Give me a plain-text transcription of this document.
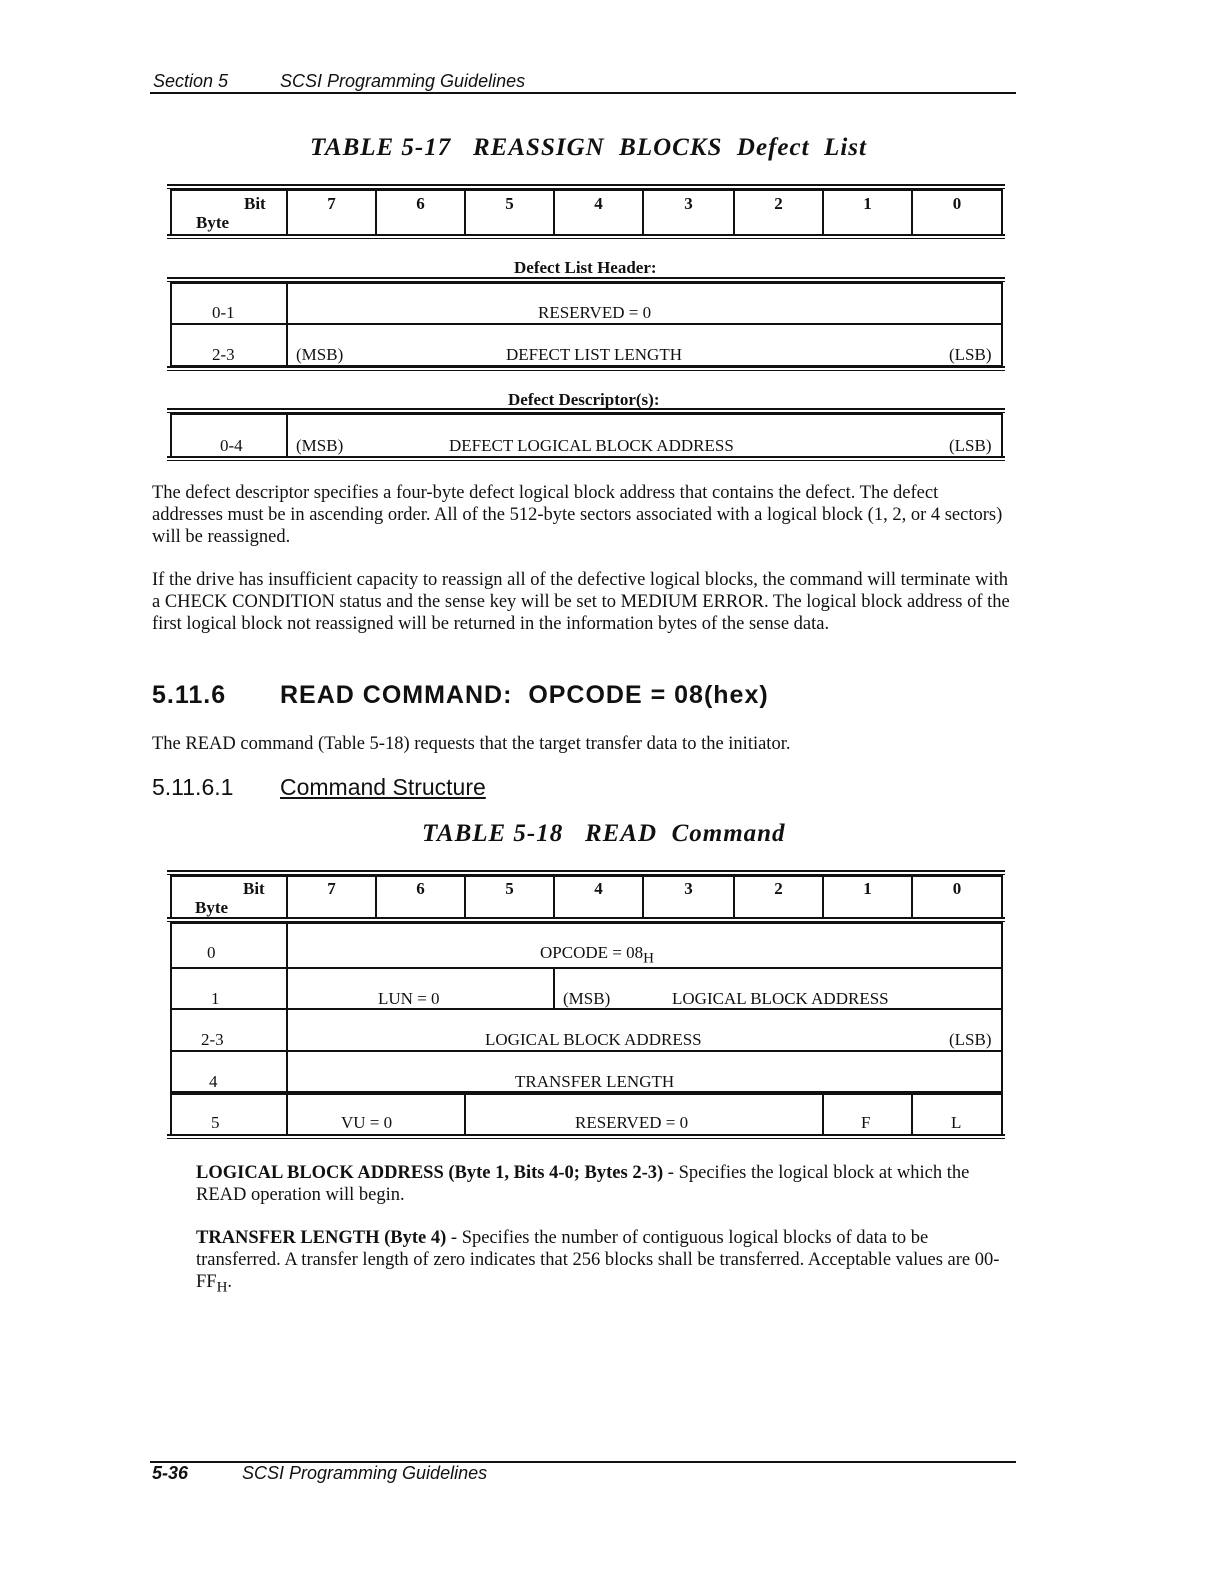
Section 5	SCSI Programming Guidelines
TABLE 5-17   REASSIGN  BLOCKS  Defect  List
Bit
Byte
7	6	5	4	3	2	1	0
Defect List Header:
0-1	RESERVED = 0
2-3	(MSB)	DEFECT LIST LENGTH	(LSB)
Defect Descriptor(s):
0-4	(MSB)	DEFECT LOGICAL BLOCK ADDRESS	(LSB)
The defect descriptor specifies a four-byte defect logical block address that contains the defect. The defect addresses must be in ascending order. All of the 512-byte sectors associated with a logical block (1, 2, or 4 sectors) will be reassigned.
If the drive has insufficient capacity to reassign all of the defective logical blocks, the command will terminate with a CHECK CONDITION status and the sense key will be set to MEDIUM ERROR. The logical block address of the first logical block not reassigned will be returned in the information bytes of the sense data.
5.11.6 READ COMMAND:  OPCODE = 08(hex)
The READ command (Table 5-18) requests that the target transfer data to the initiator.
5.11.6.1 Command Structure
TABLE 5-18   READ  Command
Bit
Byte
7	6	5	4	3	2	1	0
0	OPCODE = $08_H$
1	LUN = 0	(MSB)	LOGICAL BLOCK ADDRESS
2-3	LOGICAL BLOCK ADDRESS	(LSB)
4	TRANSFER LENGTH
5	VU = 0	RESERVED = 0	F	L
LOGICAL BLOCK ADDRESS (Byte 1, Bits 4-0; Bytes 2-3) - Specifies the logical block at which the READ operation will begin.
TRANSFER LENGTH (Byte 4) - Specifies the number of contiguous logical blocks of data to be transferred. A transfer length of zero indicates that 256 blocks shall be transferred. Acceptable values are $00-FF_H$.
5-36	SCSI Programming Guidelines
